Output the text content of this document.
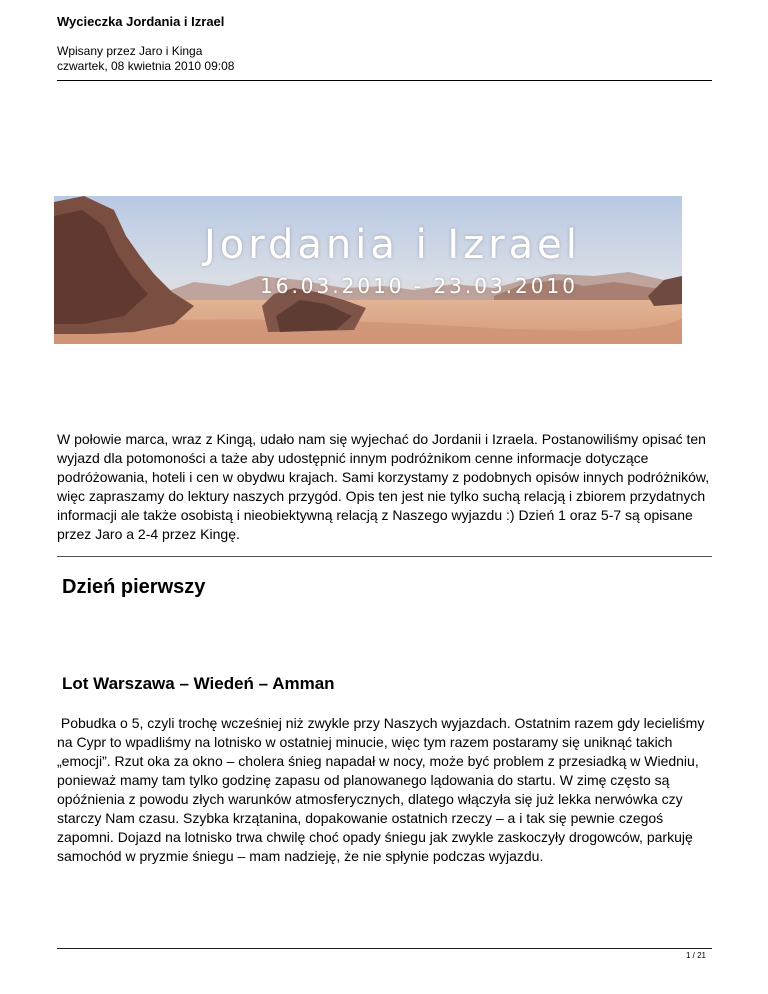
Wycieczka Jordania i Izrael
Wpisany przez Jaro i Kinga
czwartek, 08 kwietnia 2010 09:08
Jordania i Izrael
16.03.2010 - 23.03.2010
W połowie marca, wraz z Kingą, udało nam się wyjechać do Jordanii i Izraela. Postanowiliśmy opisać ten wyjazd dla potomoności a taże aby udostępnić innym podróżnikom cenne informacje dotyczące podróżowania, hoteli i cen w obydwu krajach. Sami korzystamy z podobnych opisów innych podróżników, więc zapraszamy do lektury naszych przygód. Opis ten jest nie tylko suchą relacją i zbiorem przydatnych informacji ale także osobistą i nieobiektywną relacją z Naszego wyjazdu :) Dzień 1 oraz 5-7 są opisane przez Jaro a 2-4 przez Kingę.
Dzień pierwszy
Lot Warszawa – Wiedeń – Amman
Pobudka o 5, czyli trochę wcześniej niż zwykle przy Naszych wyjazdach. Ostatnim razem gdy lecieliśmy na Cypr to wpadliśmy na lotnisko w ostatniej minucie, więc tym razem postaramy się uniknąć takich „emocji”. Rzut oka za okno – cholera śnieg napadał w nocy, może być problem z przesiadką w Wiedniu, ponieważ mamy tam tylko godzinę zapasu od planowanego lądowania do startu. W zimę często są opóźnienia z powodu złych warunków atmosferycznych, dlatego włączyła się już lekka nerwówka czy starczy Nam czasu. Szybka krzątanina, dopakowanie ostatnich rzeczy – a i tak się pewnie czegoś zapomni. Dojazd na lotnisko trwa chwilę choć opady śniegu jak zwykle zaskoczyły drogowców, parkuję samochód w pryzmie śniegu – mam nadzieję, że nie spłynie podczas wyjazdu.
1 / 21
